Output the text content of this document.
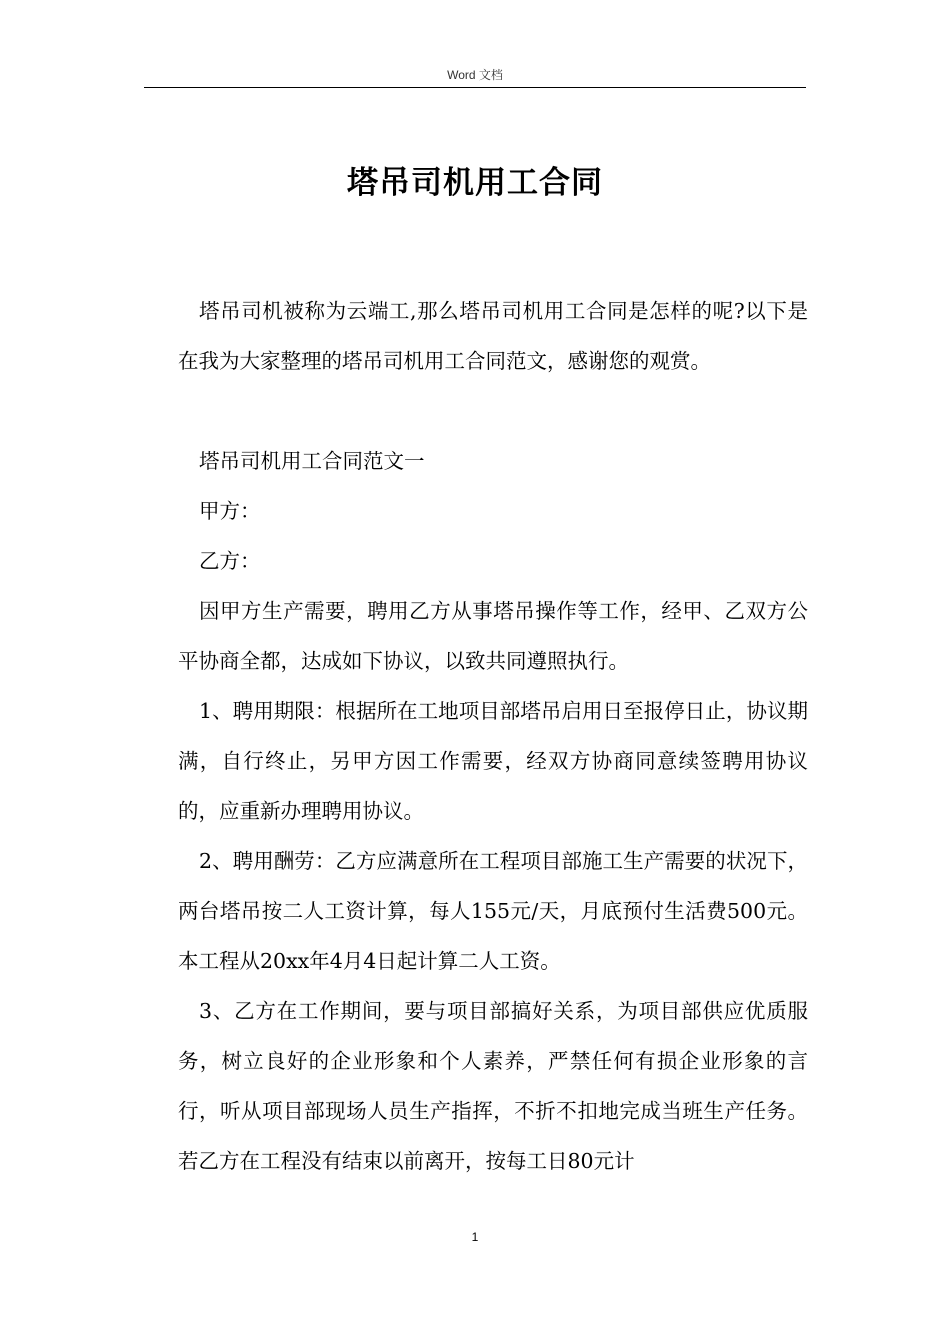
Word 文档
塔吊司机用工合同

塔吊司机被称为云端工,那么塔吊司机用工合同是怎样的呢?以下是在我为大家整理的塔吊司机用工合同范文，感谢您的观赏。

塔吊司机用工合同范文一

甲方：

乙方：

因甲方生产需要，聘用乙方从事塔吊操作等工作，经甲、乙双方公平协商全都，达成如下协议，以致共同遵照执行。

1、聘用期限：根据所在工地项目部塔吊启用日至报停日止，协议期满，自行终止，另甲方因工作需要，经双方协商同意续签聘用协议的，应重新办理聘用协议。

2、聘用酬劳：乙方应满意所在工程项目部施工生产需要的状况下，两台塔吊按二人工资计算，每人155元/天，月底预付生活费500元。本工程从20xx年4月4日起计算二人工资。

3、乙方在工作期间，要与项目部搞好关系，为项目部供应优质服务，树立良好的企业形象和个人素养，严禁任何有损企业形象的言行，听从项目部现场人员生产指挥，不折不扣地完成当班生产任务。若乙方在工程没有结束以前离开，按每工日80元计

1
